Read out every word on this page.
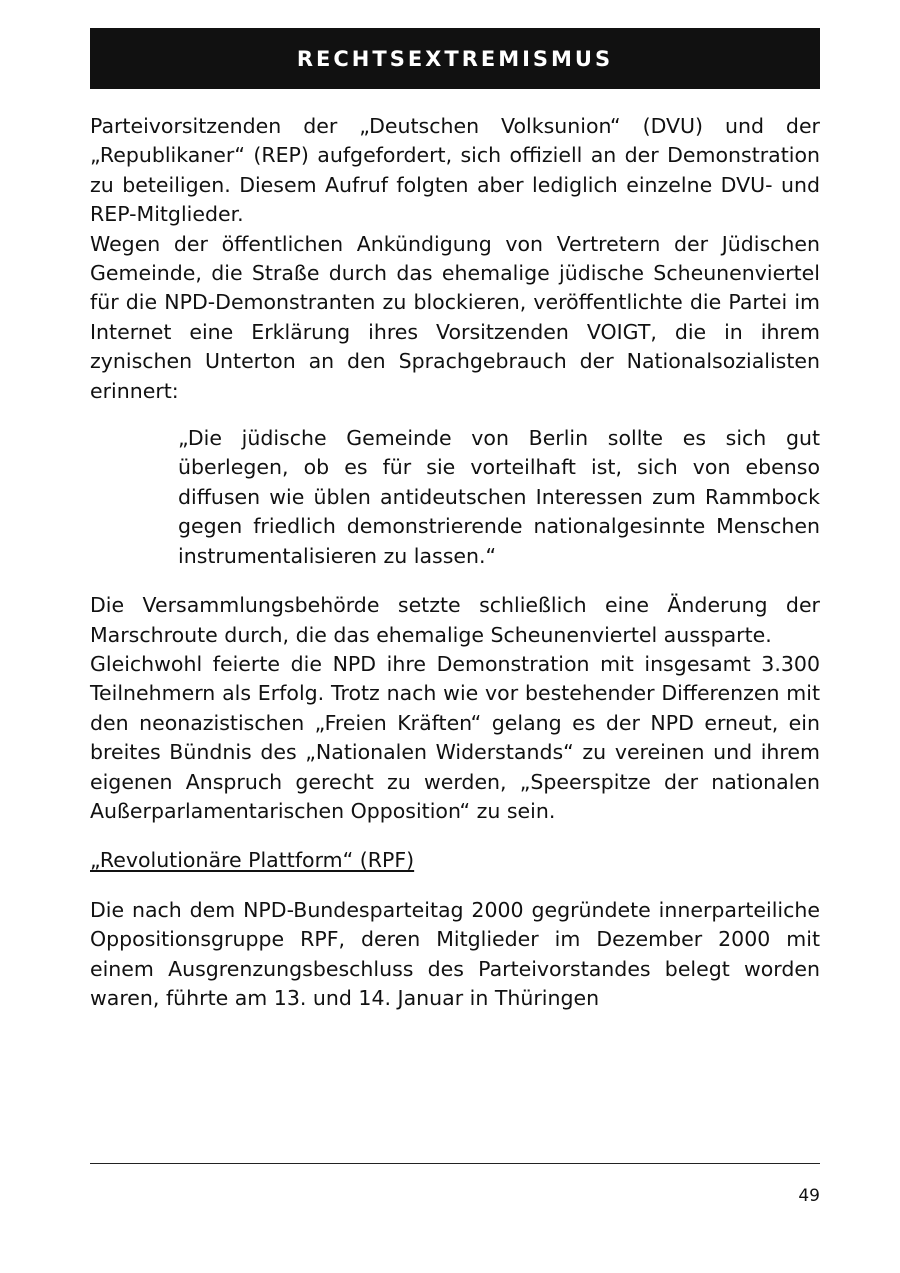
RECHTSEXTREMISMUS

Parteivorsitzenden der „Deutschen Volksunion“ (DVU) und der „Republikaner“ (REP) aufgefordert, sich offiziell an der Demonstration zu beteiligen. Diesem Aufruf folgten aber lediglich einzelne DVU- und REP-Mitglieder.

Wegen der öffentlichen Ankündigung von Vertretern der Jüdischen Gemeinde, die Straße durch das ehemalige jüdische Scheunenviertel für die NPD-Demonstranten zu blockieren, veröffentlichte die Partei im Internet eine Erklärung ihres Vorsitzenden VOIGT, die in ihrem zynischen Unterton an den Sprachgebrauch der Nationalsozialisten erinnert:

„Die jüdische Gemeinde von Berlin sollte es sich gut überlegen, ob es für sie vorteilhaft ist, sich von ebenso diffusen wie üblen antideutschen Interessen zum Rammbock gegen friedlich demonstrierende nationalgesinnte Menschen instrumentalisieren zu lassen.“

Die Versammlungsbehörde setzte schließlich eine Änderung der Marschroute durch, die das ehemalige Scheunenviertel aussparte.

Gleichwohl feierte die NPD ihre Demonstration mit insgesamt 3.300 Teilnehmern als Erfolg. Trotz nach wie vor bestehender Differenzen mit den neonazistischen „Freien Kräften“ gelang es der NPD erneut, ein breites Bündnis des „Nationalen Widerstands“ zu vereinen und ihrem eigenen Anspruch gerecht zu werden, „Speerspitze der nationalen Außerparlamentarischen Opposition“ zu sein.

„Revolutionäre Plattform“ (RPF)

Die nach dem NPD-Bundesparteitag 2000 gegründete innerparteiliche Oppositionsgruppe RPF, deren Mitglieder im Dezember 2000 mit einem Ausgrenzungsbeschluss des Parteivorstandes belegt worden waren, führte am 13. und 14. Januar in Thüringen

49
